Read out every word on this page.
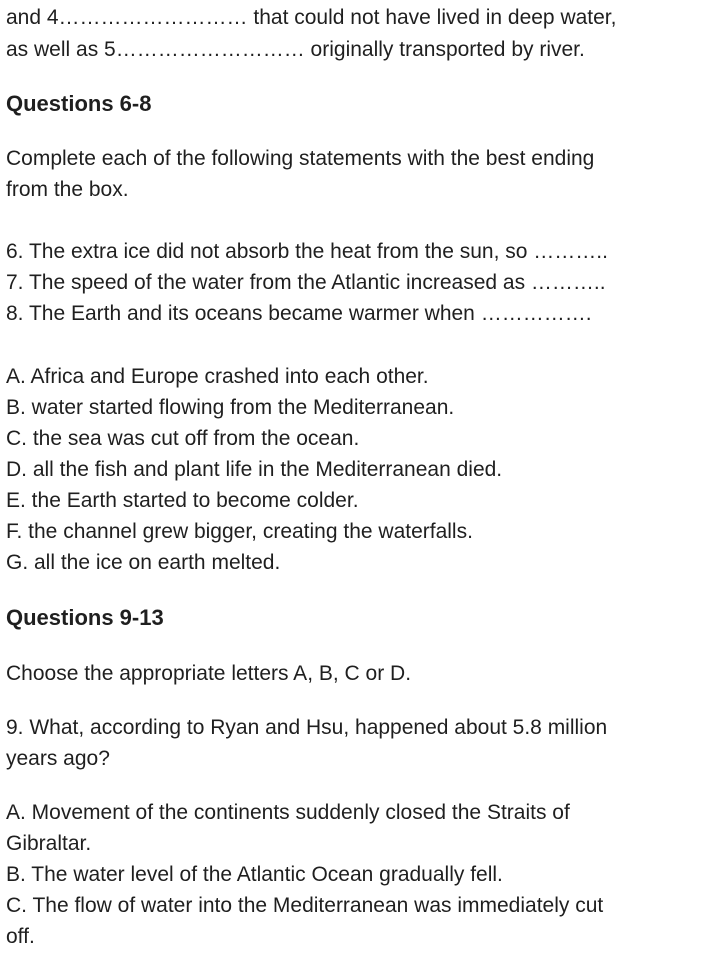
and 4……………………… that could not have lived in deep water,
as well as 5……………………… originally transported by river.
Questions 6-8
Complete each of the following statements with the best ending
from the box.
6. The extra ice did not absorb the heat from the sun, so ………..
7. The speed of the water from the Atlantic increased as ………..
8. The Earth and its oceans became warmer when …………….
A. Africa and Europe crashed into each other.
B. water started flowing from the Mediterranean.
C. the sea was cut off from the ocean.
D. all the fish and plant life in the Mediterranean died.
E. the Earth started to become colder.
F. the channel grew bigger, creating the waterfalls.
G. all the ice on earth melted.
Questions 9-13
Choose the appropriate letters A, B, C or D.
9. What, according to Ryan and Hsu, happened about 5.8 million
years ago?
A. Movement of the continents suddenly closed the Straits of
Gibraltar.
B. The water level of the Atlantic Ocean gradually fell.
C. The flow of water into the Mediterranean was immediately cut
off.
